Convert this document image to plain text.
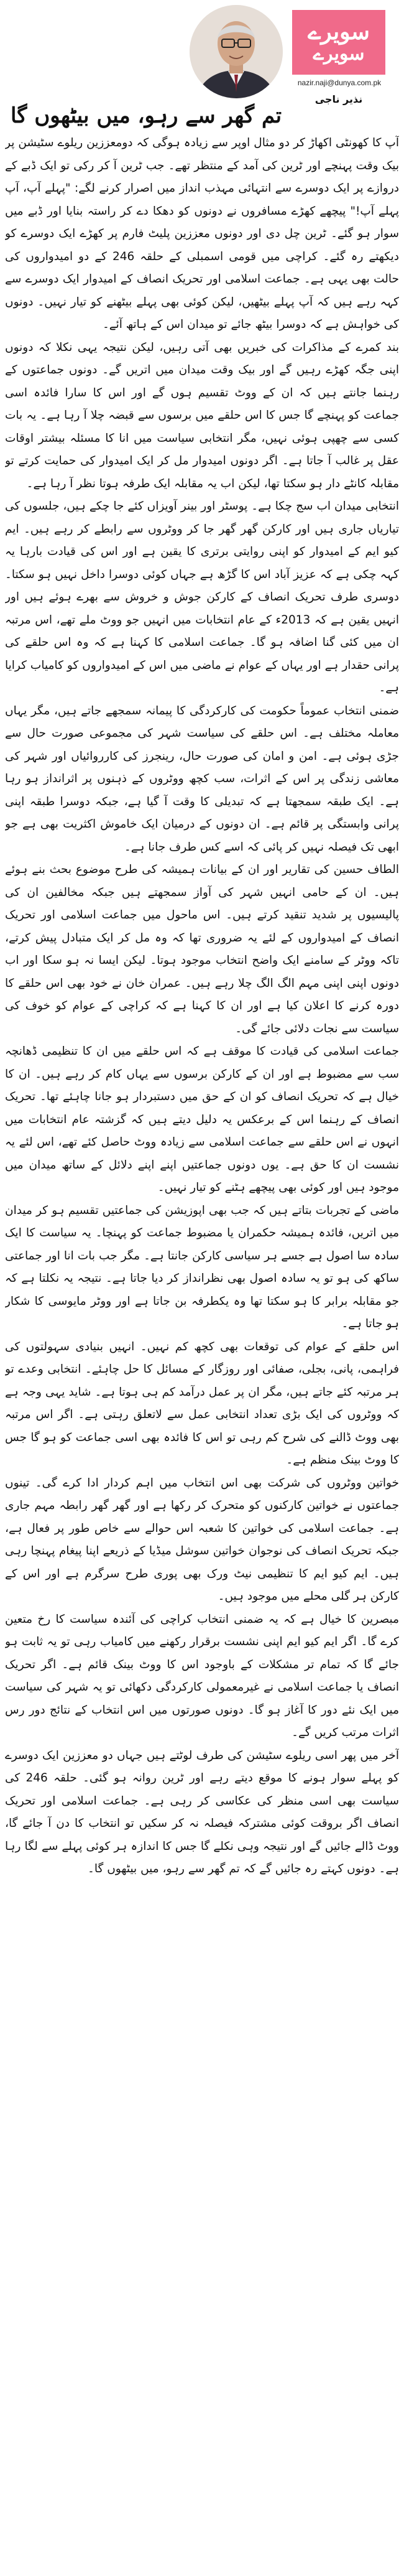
سویرے
سویرے
nazir.naji@dunya.com.pk
نذیر ناجی
تم گھر سے رہو، میں بیٹھوں گا

آپ کا کھونٹی اکھاڑ کر دو مثال اوپر سے زیادہ ہوگی کہ دومعززین ریلوے سٹیشن پر بیک وقت پہنچے اور ٹرین کی آمد کے منتظر تھے۔ جب ٹرین آ کر رکی تو ایک ڈبے کے دروازے پر ایک دوسرے سے انتہائی مہذب انداز میں اصرار کرنے لگے: "پہلے آپ، آپ پہلے آپ!" پیچھے کھڑے مسافروں نے دونوں کو دھکا دے کر راستہ بنایا اور ڈبے میں سوار ہو گئے۔ ٹرین چل دی اور دونوں معززین پلیٹ فارم پر کھڑے ایک دوسرے کو دیکھتے رہ گئے۔ کراچی میں قومی اسمبلی کے حلقہ 246 کے دو امیدواروں کی حالت بھی یہی ہے۔ جماعت اسلامی اور تحریک انصاف کے امیدوار ایک دوسرے سے کہہ رہے ہیں کہ آپ پہلے بیٹھیں، لیکن کوئی بھی پہلے بیٹھنے کو تیار نہیں۔ دونوں کی خواہش ہے کہ دوسرا بیٹھ جائے تو میدان اس کے ہاتھ آئے۔

بند کمرے کے مذاکرات کی خبریں بھی آتی رہیں، لیکن نتیجہ یہی نکلا کہ دونوں اپنی جگہ کھڑے رہیں گے اور بیک وقت میدان میں اتریں گے۔ دونوں جماعتوں کے رہنما جانتے ہیں کہ ان کے ووٹ تقسیم ہوں گے اور اس کا سارا فائدہ اسی جماعت کو پہنچے گا جس کا اس حلقے میں برسوں سے قبضہ چلا آ رہا ہے۔ یہ بات کسی سے چھپی ہوئی نہیں، مگر انتخابی سیاست میں انا کا مسئلہ بیشتر اوقات عقل پر غالب آ جاتا ہے۔ اگر دونوں امیدوار مل کر ایک امیدوار کی حمایت کرتے تو مقابلہ کانٹے دار ہو سکتا تھا، لیکن اب یہ مقابلہ ایک طرفہ ہوتا نظر آ رہا ہے۔

انتخابی میدان اب سج چکا ہے۔ پوسٹر اور بینر آویزاں کئے جا چکے ہیں، جلسوں کی تیاریاں جاری ہیں اور کارکن گھر گھر جا کر ووٹروں سے رابطے کر رہے ہیں۔ ایم کیو ایم کے امیدوار کو اپنی روایتی برتری کا یقین ہے اور اس کی قیادت بارہا یہ کہہ چکی ہے کہ عزیز آباد اس کا گڑھ ہے جہاں کوئی دوسرا داخل نہیں ہو سکتا۔ دوسری طرف تحریک انصاف کے کارکن جوش و خروش سے بھرے ہوئے ہیں اور انہیں یقین ہے کہ 2013ء کے عام انتخابات میں انہیں جو ووٹ ملے تھے، اس مرتبہ ان میں کئی گنا اضافہ ہو گا۔ جماعت اسلامی کا کہنا ہے کہ وہ اس حلقے کی پرانی حقدار ہے اور یہاں کے عوام نے ماضی میں اس کے امیدواروں کو کامیاب کرایا ہے۔

ضمنی انتخاب عموماً حکومت کی کارکردگی کا پیمانہ سمجھے جاتے ہیں، مگر یہاں معاملہ مختلف ہے۔ اس حلقے کی سیاست شہر کی مجموعی صورت حال سے جڑی ہوئی ہے۔ امن و امان کی صورت حال، رینجرز کی کارروائیاں اور شہر کی معاشی زندگی پر اس کے اثرات، سب کچھ ووٹروں کے ذہنوں پر اثرانداز ہو رہا ہے۔ ایک طبقہ سمجھتا ہے کہ تبدیلی کا وقت آ گیا ہے، جبکہ دوسرا طبقہ اپنی پرانی وابستگی پر قائم ہے۔ ان دونوں کے درمیان ایک خاموش اکثریت بھی ہے جو ابھی تک فیصلہ نہیں کر پائی کہ اسے کس طرف جانا ہے۔

الطاف حسین کی تقاریر اور ان کے بیانات ہمیشہ کی طرح موضوع بحث بنے ہوئے ہیں۔ ان کے حامی انہیں شہر کی آواز سمجھتے ہیں جبکہ مخالفین ان کی پالیسیوں پر شدید تنقید کرتے ہیں۔ اس ماحول میں جماعت اسلامی اور تحریک انصاف کے امیدواروں کے لئے یہ ضروری تھا کہ وہ مل کر ایک متبادل پیش کرتے، تاکہ ووٹر کے سامنے ایک واضح انتخاب موجود ہوتا۔ لیکن ایسا نہ ہو سکا اور اب دونوں اپنی اپنی مہم الگ الگ چلا رہے ہیں۔ عمران خان نے خود بھی اس حلقے کا دورہ کرنے کا اعلان کیا ہے اور ان کا کہنا ہے کہ کراچی کے عوام کو خوف کی سیاست سے نجات دلائی جائے گی۔

جماعت اسلامی کی قیادت کا موقف ہے کہ اس حلقے میں ان کا تنظیمی ڈھانچہ سب سے مضبوط ہے اور ان کے کارکن برسوں سے یہاں کام کر رہے ہیں۔ ان کا خیال ہے کہ تحریک انصاف کو ان کے حق میں دستبردار ہو جانا چاہئے تھا۔ تحریک انصاف کے رہنما اس کے برعکس یہ دلیل دیتے ہیں کہ گزشتہ عام انتخابات میں انہوں نے اس حلقے سے جماعت اسلامی سے زیادہ ووٹ حاصل کئے تھے، اس لئے یہ نشست ان کا حق ہے۔ یوں دونوں جماعتیں اپنے اپنے دلائل کے ساتھ میدان میں موجود ہیں اور کوئی بھی پیچھے ہٹنے کو تیار نہیں۔

ماضی کے تجربات بتاتے ہیں کہ جب بھی اپوزیشن کی جماعتیں تقسیم ہو کر میدان میں اتریں، فائدہ ہمیشہ حکمران یا مضبوط جماعت کو پہنچا۔ یہ سیاست کا ایک سادہ سا اصول ہے جسے ہر سیاسی کارکن جانتا ہے۔ مگر جب بات انا اور جماعتی ساکھ کی ہو تو یہ سادہ اصول بھی نظرانداز کر دیا جاتا ہے۔ نتیجہ یہ نکلتا ہے کہ جو مقابلہ برابر کا ہو سکتا تھا وہ یکطرفہ بن جاتا ہے اور ووٹر مایوسی کا شکار ہو جاتا ہے۔

اس حلقے کے عوام کی توقعات بھی کچھ کم نہیں۔ انہیں بنیادی سہولتوں کی فراہمی، پانی، بجلی، صفائی اور روزگار کے مسائل کا حل چاہئے۔ انتخابی وعدے تو ہر مرتبہ کئے جاتے ہیں، مگر ان پر عمل درآمد کم ہی ہوتا ہے۔ شاید یہی وجہ ہے کہ ووٹروں کی ایک بڑی تعداد انتخابی عمل سے لاتعلق رہتی ہے۔ اگر اس مرتبہ بھی ووٹ ڈالنے کی شرح کم رہی تو اس کا فائدہ بھی اسی جماعت کو ہو گا جس کا ووٹ بینک منظم ہے۔

خواتین ووٹروں کی شرکت بھی اس انتخاب میں اہم کردار ادا کرے گی۔ تینوں جماعتوں نے خواتین کارکنوں کو متحرک کر رکھا ہے اور گھر گھر رابطہ مہم جاری ہے۔ جماعت اسلامی کی خواتین کا شعبہ اس حوالے سے خاص طور پر فعال ہے، جبکہ تحریک انصاف کی نوجوان خواتین سوشل میڈیا کے ذریعے اپنا پیغام پہنچا رہی ہیں۔ ایم کیو ایم کا تنظیمی نیٹ ورک بھی پوری طرح سرگرم ہے اور اس کے کارکن ہر گلی محلے میں موجود ہیں۔

مبصرین کا خیال ہے کہ یہ ضمنی انتخاب کراچی کی آئندہ سیاست کا رخ متعین کرے گا۔ اگر ایم کیو ایم اپنی نشست برقرار رکھنے میں کامیاب رہی تو یہ ثابت ہو جائے گا کہ تمام تر مشکلات کے باوجود اس کا ووٹ بینک قائم ہے۔ اگر تحریک انصاف یا جماعت اسلامی نے غیرمعمولی کارکردگی دکھائی تو یہ شہر کی سیاست میں ایک نئے دور کا آغاز ہو گا۔ دونوں صورتوں میں اس انتخاب کے نتائج دور رس اثرات مرتب کریں گے۔

آخر میں پھر اسی ریلوے سٹیشن کی طرف لوٹتے ہیں جہاں دو معززین ایک دوسرے کو پہلے سوار ہونے کا موقع دیتے رہے اور ٹرین روانہ ہو گئی۔ حلقہ 246 کی سیاست بھی اسی منظر کی عکاسی کر رہی ہے۔ جماعت اسلامی اور تحریک انصاف اگر بروقت کوئی مشترکہ فیصلہ نہ کر سکیں تو انتخاب کا دن آ جائے گا، ووٹ ڈالے جائیں گے اور نتیجہ وہی نکلے گا جس کا اندازہ ہر کوئی پہلے سے لگا رہا ہے۔ دونوں کہتے رہ جائیں گے کہ تم گھر سے رہو، میں بیٹھوں گا۔
